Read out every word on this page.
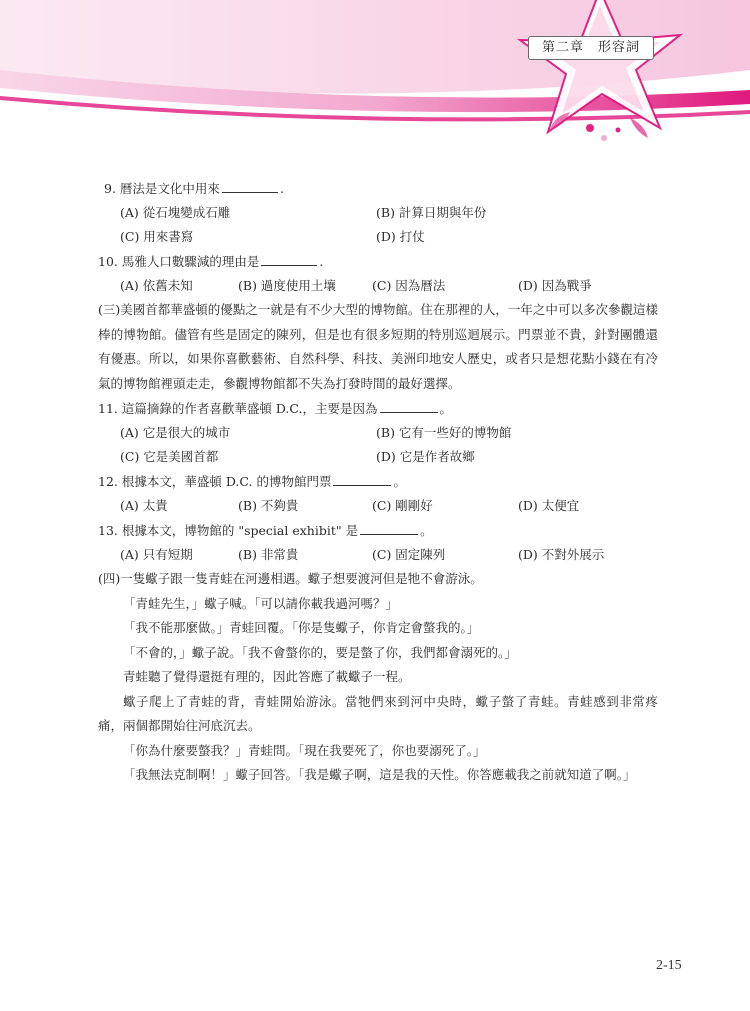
第二章　形容詞
9. 曆法是文化中用來	.
(A) 從石塊變成石雕	(B) 計算日期與年份
(C) 用來書寫	(D) 打仗
10. 馬雅人口數驟減的理由是	.
(A) 依舊未知	(B) 過度使用土壤	(C) 因為曆法	(D) 因為戰爭

(三)美國首都華盛頓的優點之一就是有不少大型的博物館。住在那裡的人，一年之中可以多次參觀這樣棒的博物館。儘管有些是固定的陳列，但是也有很多短期的特別巡迴展示。門票並不貴，針對團體還有優惠。所以，如果你喜歡藝術、自然科學、科技、美洲印地安人歷史，或者只是想花點小錢在有冷氣的博物館裡頭走走，參觀博物館都不失為打發時間的最好選擇。

11. 這篇摘錄的作者喜歡華盛頓 D.C.，主要是因為	。
(A) 它是很大的城市	(B) 它有一些好的博物館
(C) 它是美國首都	(D) 它是作者故鄉
12. 根據本文，華盛頓 D.C. 的博物館門票	。
(A) 太貴	(B) 不夠貴	(C) 剛剛好	(D) 太便宜
13. 根據本文，博物館的 "special exhibit" 是	。
(A) 只有短期	(B) 非常貴	(C) 固定陳列	(D) 不對外展示

(四)一隻蠍子跟一隻青蛙在河邊相遇。蠍子想要渡河但是牠不會游泳。

「青蛙先生，」蠍子喊。「可以請你載我過河嗎？」

「我不能那麼做。」青蛙回覆。「你是隻蠍子，你肯定會螫我的。」

「不會的，」蠍子說。「我不會螫你的，要是螫了你，我們都會溺死的。」

青蛙聽了覺得還挺有理的，因此答應了載蠍子一程。

蠍子爬上了青蛙的背，青蛙開始游泳。當牠們來到河中央時，蠍子螫了青蛙。青蛙感到非常疼痛，兩個都開始往河底沉去。

「你為什麼要螫我？」青蛙問。「現在我要死了，你也要溺死了。」

「我無法克制啊！」蠍子回答。「我是蠍子啊，這是我的天性。你答應載我之前就知道了啊。」

2-15
